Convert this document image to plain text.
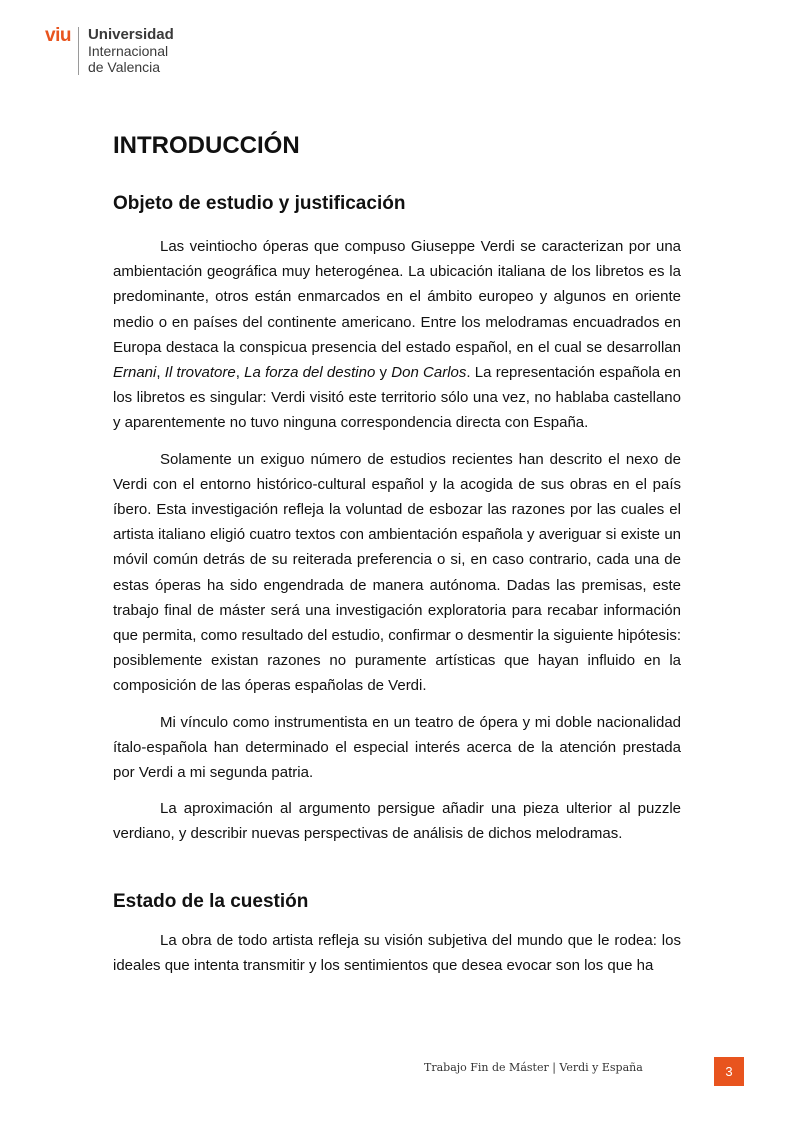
viu Universidad
Internacional
de Valencia
INTRODUCCIÓN
Objeto de estudio y justificación

Las veintiocho óperas que compuso Giuseppe Verdi se caracterizan por una ambientación geográfica muy heterogénea. La ubicación italiana de los libretos es la predominante, otros están enmarcados en el ámbito europeo y algunos en oriente medio o en países del continente americano. Entre los melodramas encuadrados en Europa destaca la conspicua presencia del estado español, en el cual se desarrollan Ernani, Il trovatore, La forza del destino y Don Carlos. La representación española en los libretos es singular: Verdi visitó este territorio sólo una vez, no hablaba castellano y aparentemente no tuvo ninguna correspondencia directa con España.

Solamente un exiguo número de estudios recientes han descrito el nexo de Verdi con el entorno histórico-cultural español y la acogida de sus obras en el país íbero. Esta investigación refleja la voluntad de esbozar las razones por las cuales el artista italiano eligió cuatro textos con ambientación española y averiguar si existe un móvil común detrás de su reiterada preferencia o si, en caso contrario, cada una de estas óperas ha sido engendrada de manera autónoma. Dadas las premisas, este trabajo final de máster será una investigación exploratoria para recabar información que permita, como resultado del estudio, confirmar o desmentir la siguiente hipótesis: posiblemente existan razones no puramente artísticas que hayan influido en la composición de las óperas españolas de Verdi.

Mi vínculo como instrumentista en un teatro de ópera y mi doble nacionalidad ítalo-española han determinado el especial interés acerca de la atención prestada por Verdi a mi segunda patria.

La aproximación al argumento persigue añadir una pieza ulterior al puzzle verdiano, y describir nuevas perspectivas de análisis de dichos melodramas.

Estado de la cuestión

La obra de todo artista refleja su visión subjetiva del mundo que le rodea: los ideales que intenta transmitir y los sentimientos que desea evocar son los que ha

Trabajo Fin de Máster | Verdi y España	3
